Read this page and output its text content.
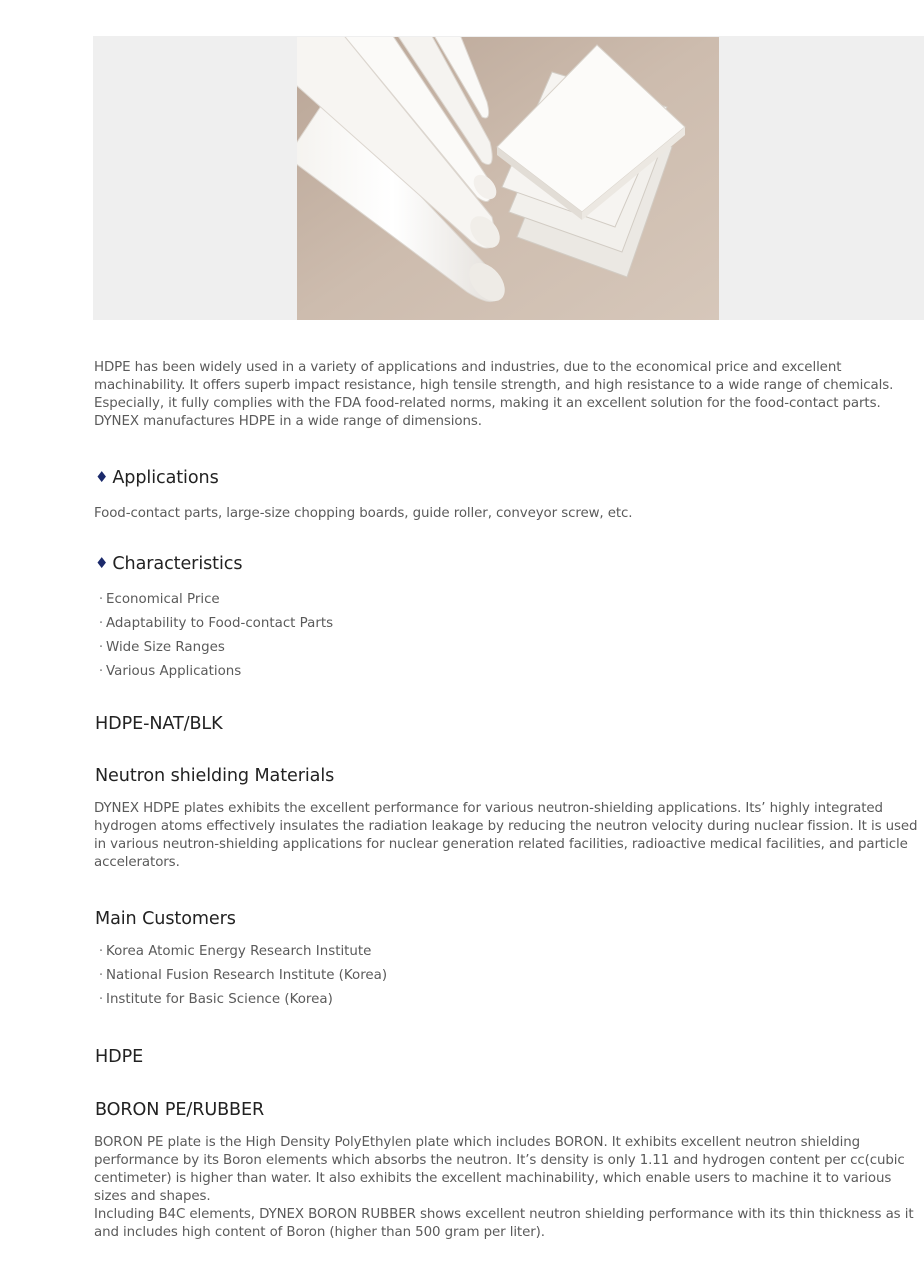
HDPE has been widely used in a variety of applications and industries, due to the economical price and excellent machinability. It offers superb impact resistance, high tensile strength, and high resistance to a wide range of chemicals. Especially, it fully complies with the FDA food-related norms, making it an excellent solution for the food-contact parts. DYNEX manufactures HDPE in a wide range of dimensions.

♦ Applications

Food-contact parts, large-size chopping boards, guide roller, conveyor screw, etc.

♦ Characteristics
· Economical Price
· Adaptability to Food-contact Parts
· Wide Size Ranges
· Various Applications
HDPE-NAT/BLK
Neutron shielding Materials

DYNEX HDPE plates exhibits the excellent performance for various neutron-shielding applications. Its’ highly integrated hydrogen atoms effectively insulates the radiation leakage by reducing the neutron velocity during nuclear fission. It is used in various neutron-shielding applications for nuclear generation related facilities, radioactive medical facilities, and particle accelerators.

Main Customers
· Korea Atomic Energy Research Institute
· National Fusion Research Institute (Korea)
· Institute for Basic Science (Korea)
HDPE
BORON PE/RUBBER

BORON PE plate is the High Density PolyEthylen plate which includes BORON. It exhibits excellent neutron shielding performance by its Boron elements which absorbs the neutron. It’s density is only 1.11 and hydrogen content per cc(cubic centimeter) is higher than water. It also exhibits the excellent machinability, which enable users to machine it to various sizes and shapes.

Including B4C elements, DYNEX BORON RUBBER shows excellent neutron shielding performance with its thin thickness as it and includes high content of Boron (higher than 500 gram per liter).
